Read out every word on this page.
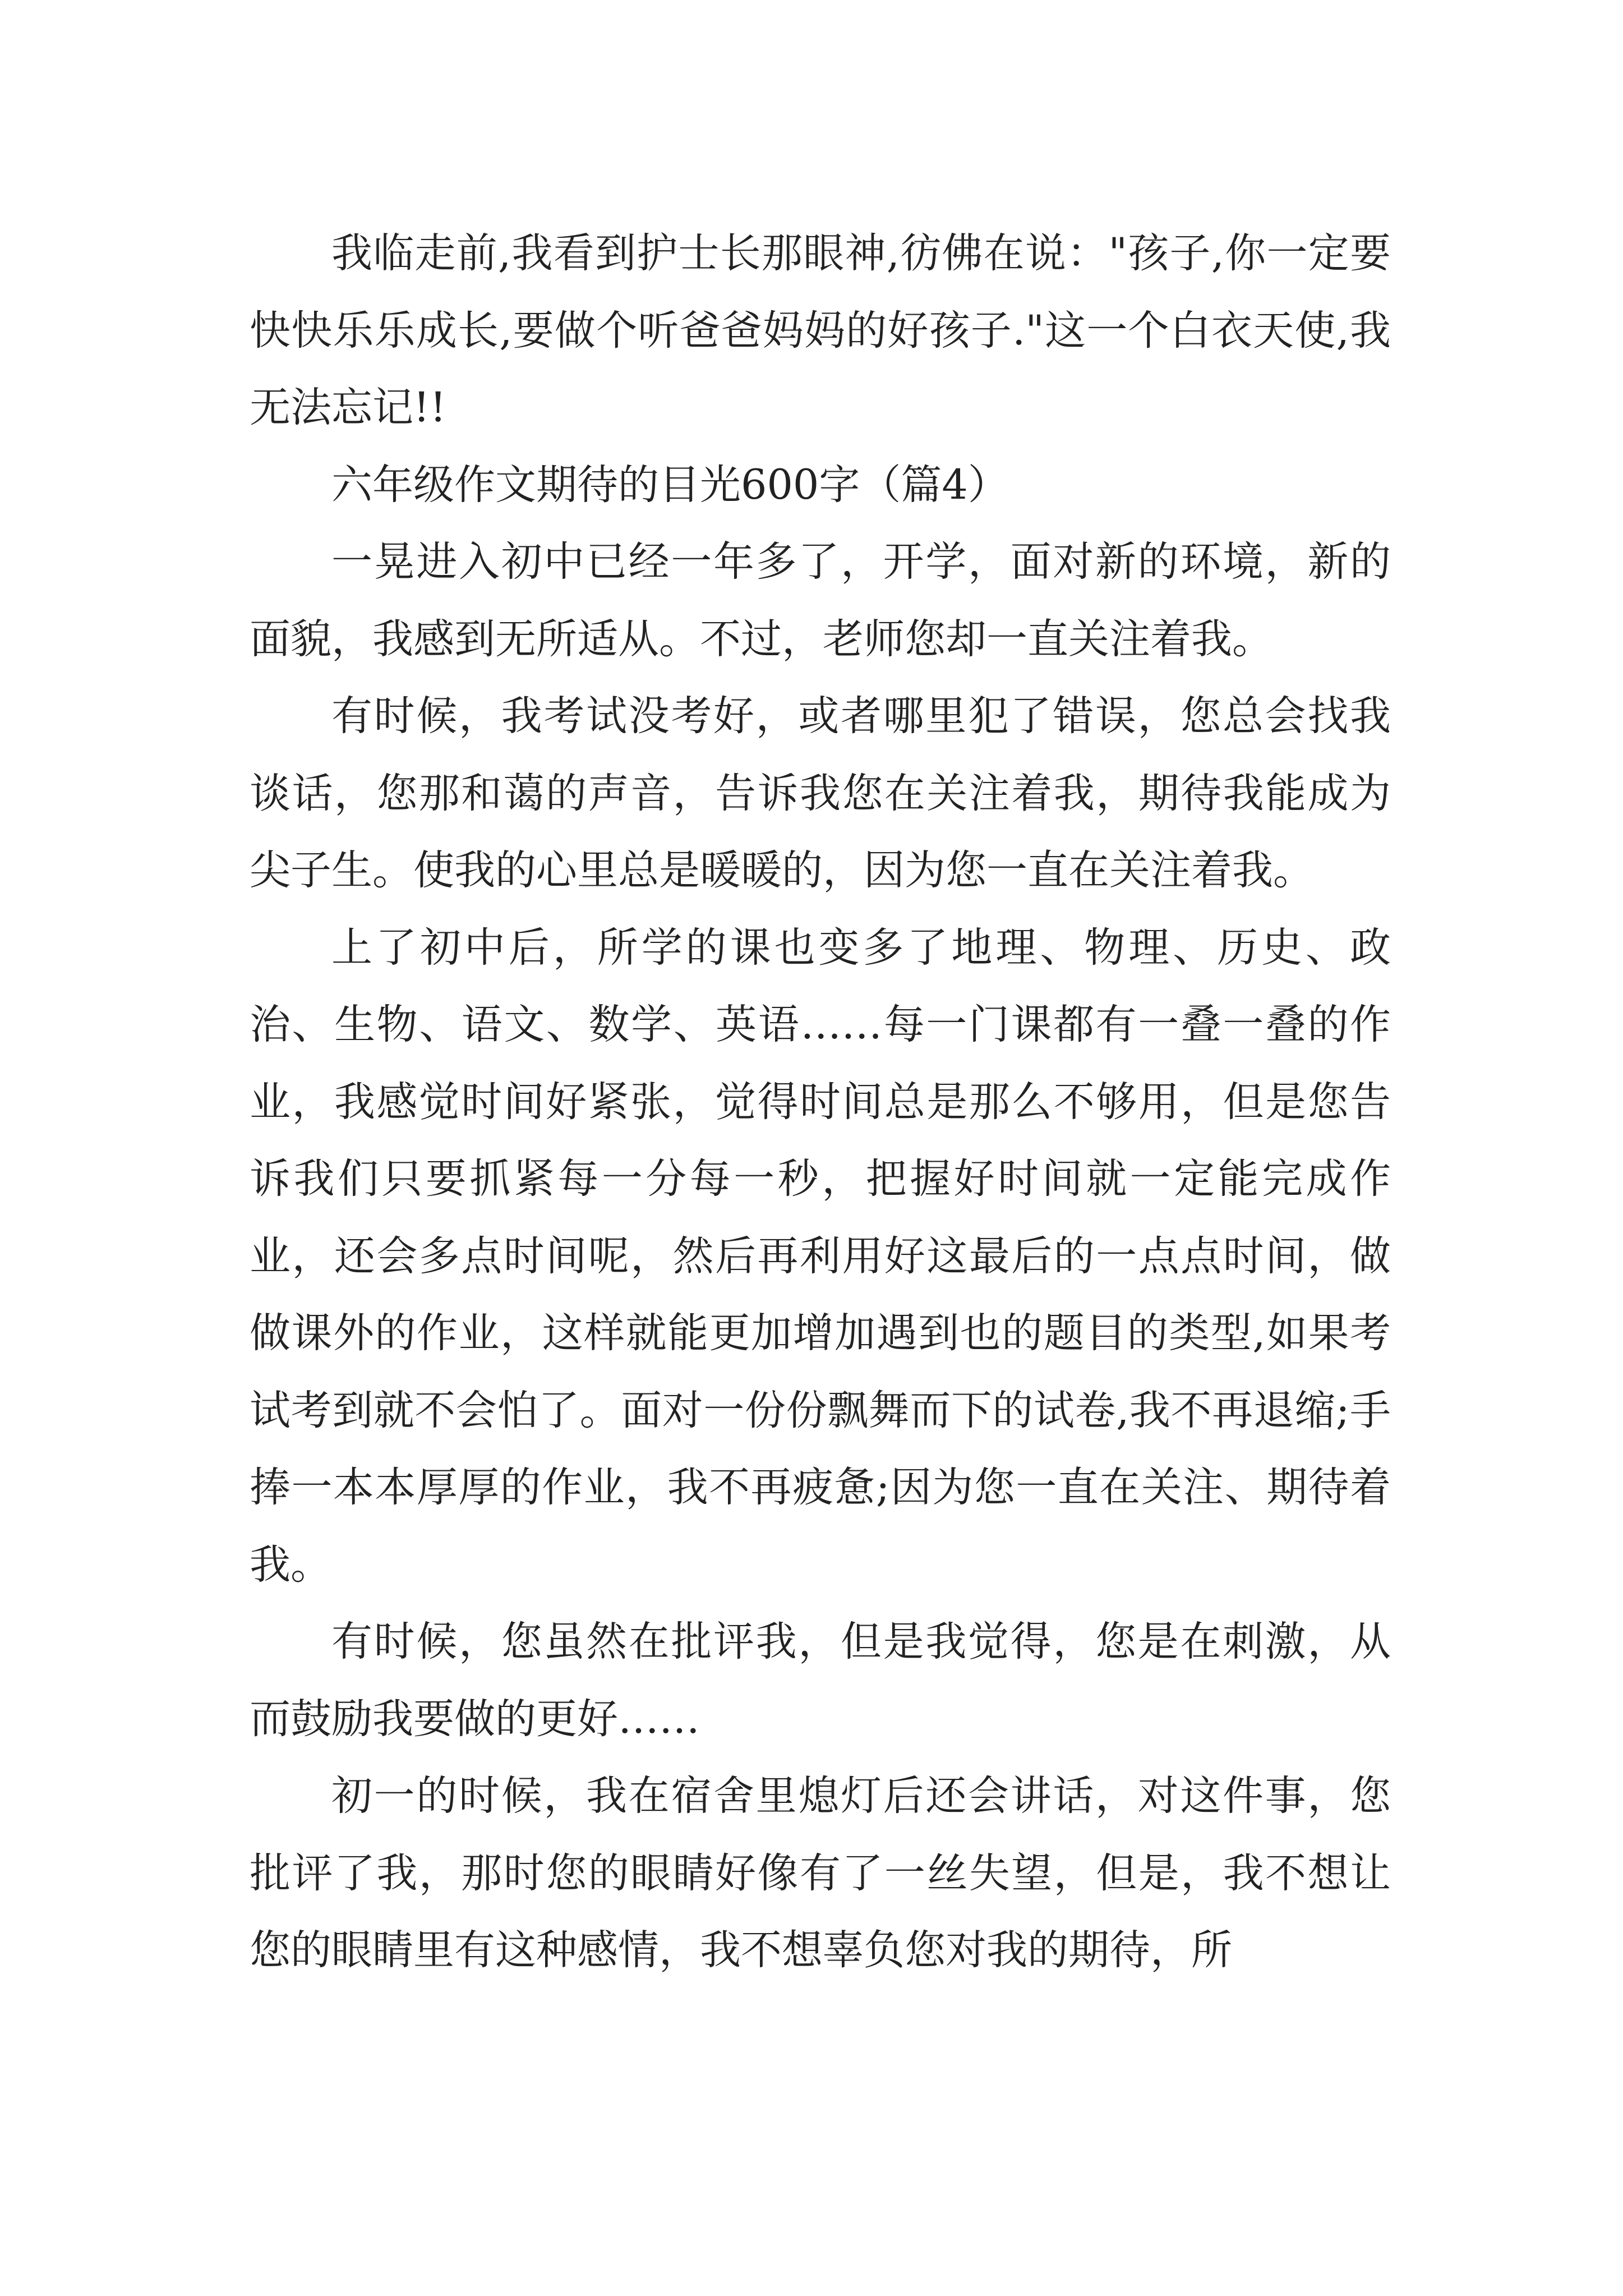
我临走前,我看到护士长那眼神,彷佛在说："孩子,你一定要快快乐乐成长,要做个听爸爸妈妈的好孩子."这一个白衣天使,我无法忘记!!

六年级作文期待的目光600字（篇4）

一晃进入初中已经一年多了，开学，面对新的环境，新的面貌，我感到无所适从。不过，老师您却一直关注着我。

有时候，我考试没考好，或者哪里犯了错误，您总会找我谈话，您那和蔼的声音，告诉我您在关注着我，期待我能成为尖子生。使我的心里总是暖暖的，因为您一直在关注着我。

上了初中后，所学的课也变多了地理、物理、历史、政治、生物、语文、数学、英语……每一门课都有一叠一叠的作业，我感觉时间好紧张，觉得时间总是那么不够用，但是您告诉我们只要抓紧每一分每一秒，把握好时间就一定能完成作业，还会多点时间呢，然后再利用好这最后的一点点时间，做做课外的作业，这样就能更加增加遇到也的题目的类型,如果考试考到就不会怕了。面对一份份飘舞而下的试卷,我不再退缩;手捧一本本厚厚的作业，我不再疲惫;因为您一直在关注、期待着我。

有时候，您虽然在批评我，但是我觉得，您是在刺激，从而鼓励我要做的更好……

初一的时候，我在宿舍里熄灯后还会讲话，对这件事，您批评了我，那时您的眼睛好像有了一丝失望，但是，我不想让您的眼睛里有这种感情，我不想辜负您对我的期待，所
